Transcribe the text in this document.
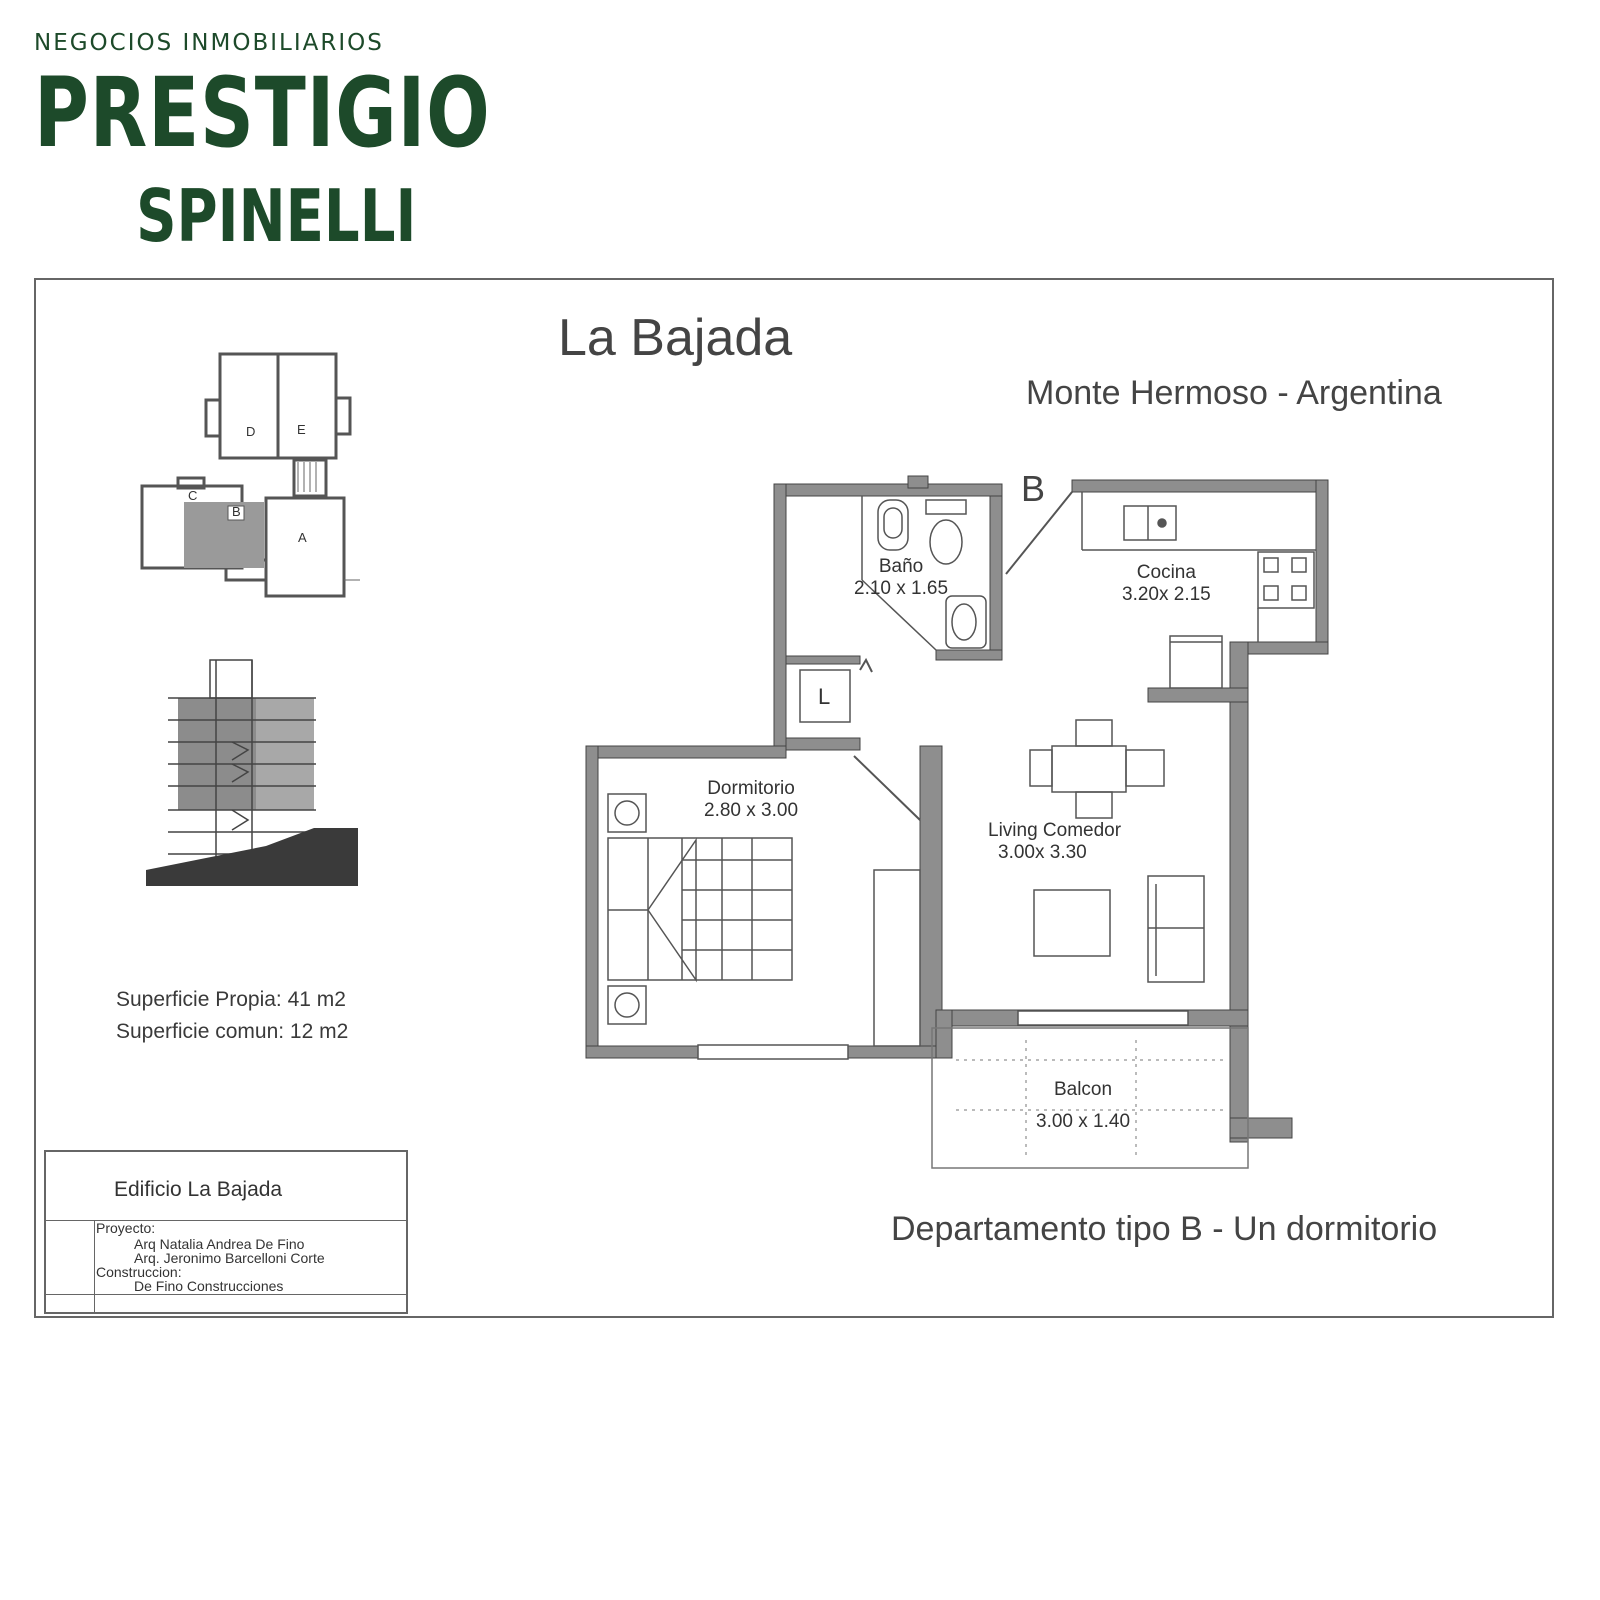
NEGOCIOS INMOBILIARIOS
PRESTIGIO
SPINELLI
La Bajada
Monte Hermoso - Argentina
B
D	E
C
B
A
L
Baño
2.10 x 1.65
Cocina
3.20x 2.15
Dormitorio
2.80 x 3.00
Living Comedor
3.00x 3.30
Balcon
3.00 x 1.40
Superficie Propia: 41 m2
Superficie comun: 12 m2
Departamento tipo B - Un dormitorio
Edificio La Bajada
Proyecto:
Arq Natalia Andrea De Fino
Arq. Jeronimo Barcelloni Corte
Construccion:
De Fino Construcciones
